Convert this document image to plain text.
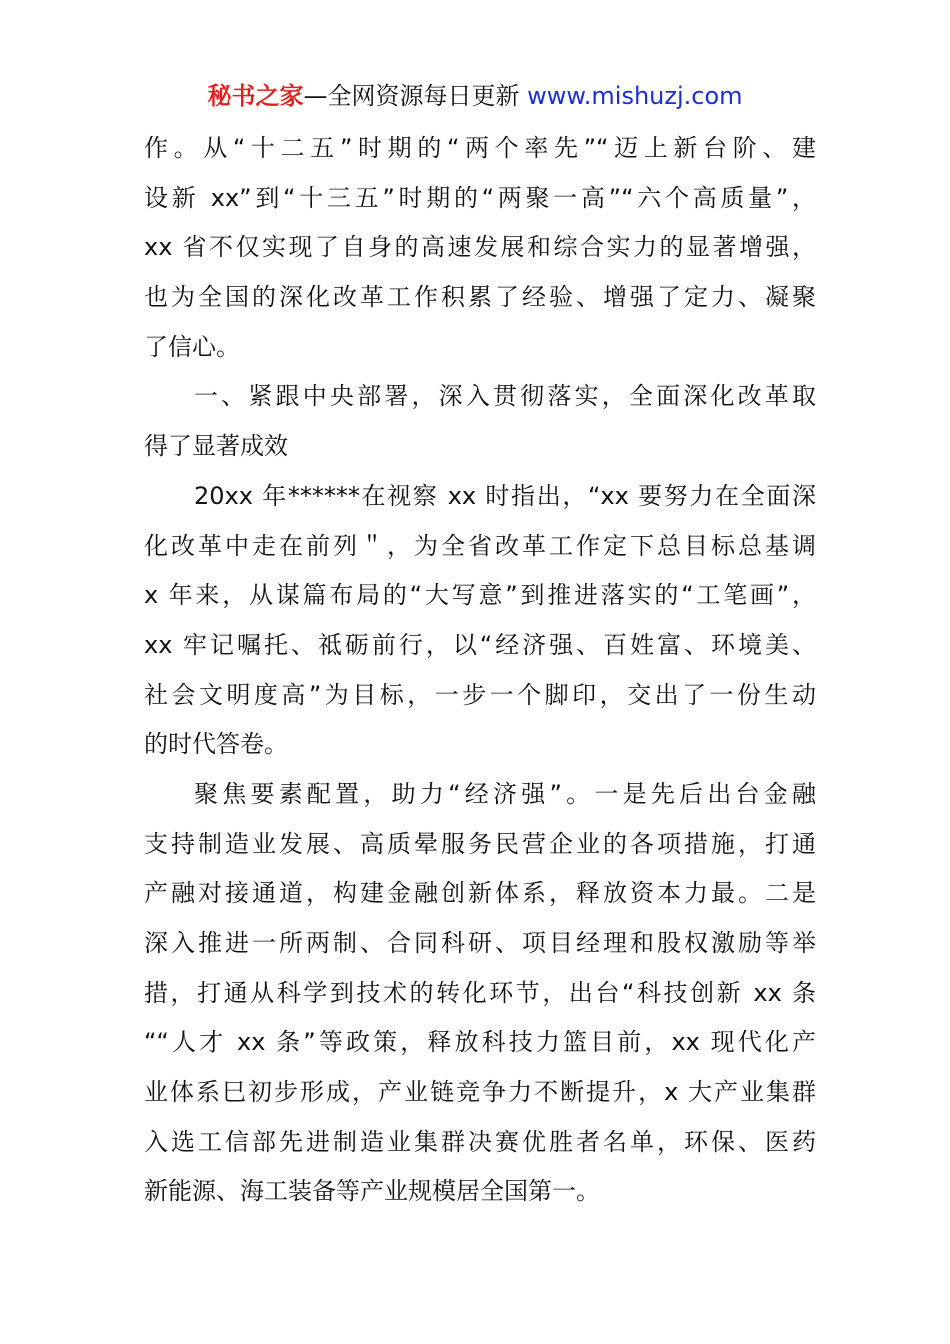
秘书之家—全网资源每日更新 www.mishuzj.com
作。从“十二五”时期的“两个率先”“迈上新台阶、建
设新 xx”到“十三五”时期的“两聚一高”“六个高质量”，
xx 省不仅实现了自身的高速发展和综合实力的显著增强，
也为全国的深化改革工作积累了经验、增强了定力、凝聚
了信心。
一、紧跟中央部署，深入贯彻落实，全面深化改革取
得了显著成效
20xx 年******在视察 xx 时指出，“xx 要努力在全面深
化改革中走在前列＂，为全省改革工作定下总目标总基调
x 年来，从谋篇布局的“大写意”到推进落实的“工笔画”，
xx 牢记嘱托、祗砺前行，以“经济强、百姓富、环境美、
社会文明度高”为目标，一步一个脚印，交出了一份生动
的时代答卷。
聚焦要素配置，助力“经济强”。一是先后出台金融
支持制造业发展、高质晕服务民营企业的各项措施，打通
产融对接通道，构建金融创新体系，释放资本力最。二是
深入推进一所两制、合同科研、项目经理和股权激励等举
措，打通从科学到技术的转化环节，出台“科技创新 xx 条
““人才 xx 条”等政策，释放科技力篮目前，xx 现代化产
业体系巳初步形成，产业链竞争力不断提升，x 大产业集群
入选工信部先进制造业集群决赛优胜者名单，环保、医药
新能源、海工装备等产业规模居全国第一。
